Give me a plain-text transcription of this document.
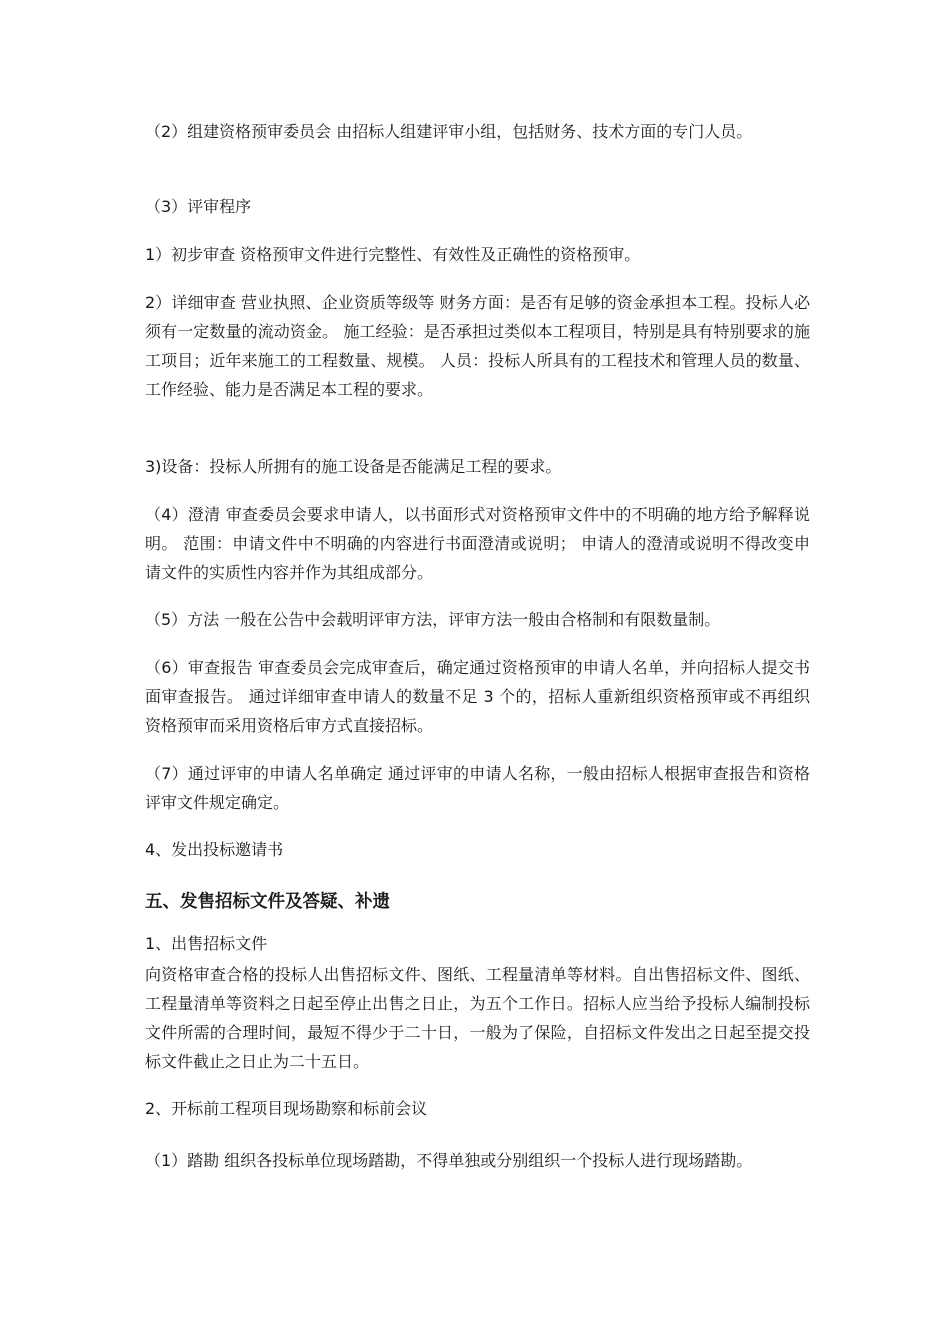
（2）组建资格预审委员会 由招标人组建评审小组，包括财务、技术方面的专门人员。

（3）评审程序

1）初步审查 资格预审文件进行完整性、有效性及正确性的资格预审。

2）详细审查 营业执照、企业资质等级等 财务方面：是否有足够的资金承担本工程。投标人必须有一定数量的流动资金。 施工经验：是否承担过类似本工程项目，特别是具有特别要求的施工项目；近年来施工的工程数量、规模。 人员：投标人所具有的工程技术和管理人员的数量、工作经验、能力是否满足本工程的要求。

3)设备：投标人所拥有的施工设备是否能满足工程的要求。

（4）澄清 审查委员会要求申请人，以书面形式对资格预审文件中的不明确的地方给予解释说明。 范围：申请文件中不明确的内容进行书面澄清或说明； 申请人的澄清或说明不得改变申请文件的实质性内容并作为其组成部分。

（5）方法 一般在公告中会载明评审方法，评审方法一般由合格制和有限数量制。

（6）审查报告 审查委员会完成审查后，确定通过资格预审的申请人名单，并向招标人提交书面审查报告。 通过详细审查申请人的数量不足 3 个的，招标人重新组织资格预审或不再组织资格预审而采用资格后审方式直接招标。

（7）通过评审的申请人名单确定 通过评审的申请人名称，一般由招标人根据审查报告和资格评审文件规定确定。

4、发出投标邀请书

五、发售招标文件及答疑、补遗

1、出售招标文件

向资格审查合格的投标人出售招标文件、图纸、工程量清单等材料。自出售招标文件、图纸、工程量清单等资料之日起至停止出售之日止，为五个工作日。招标人应当给予投标人编制投标文件所需的合理时间，最短不得少于二十日，一般为了保险，自招标文件发出之日起至提交投标文件截止之日止为二十五日。

2、开标前工程项目现场勘察和标前会议

（1）踏勘 组织各投标单位现场踏勘，不得单独或分别组织一个投标人进行现场踏勘。
